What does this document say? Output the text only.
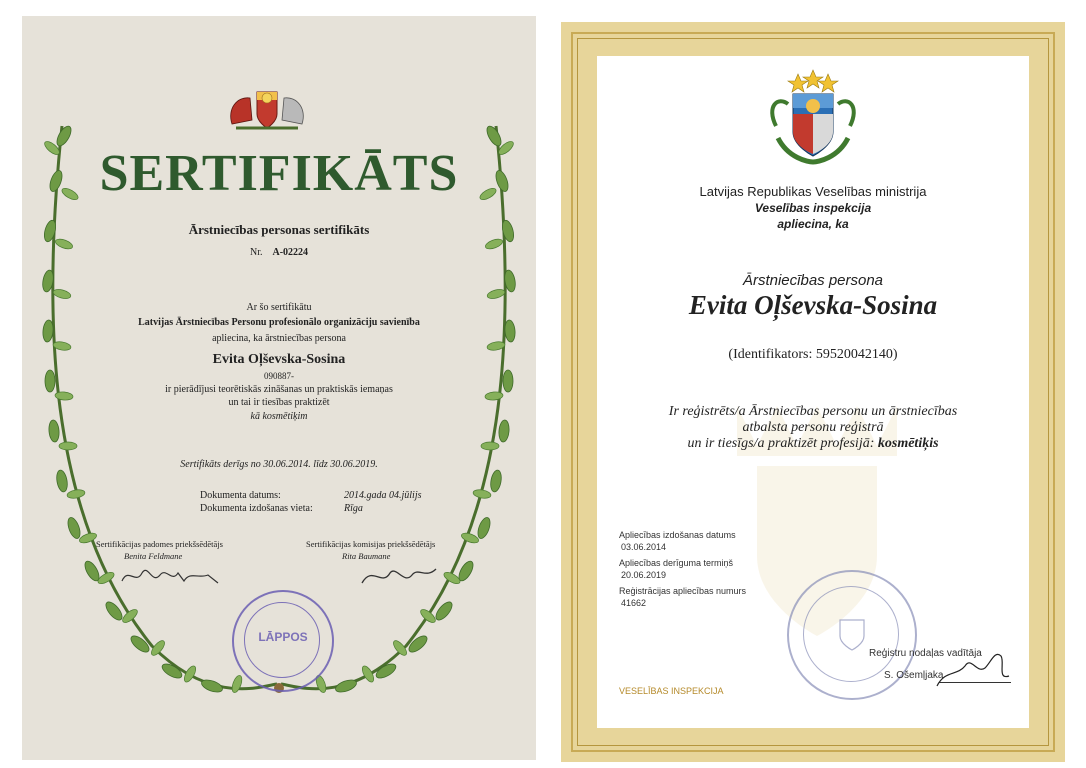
SERTIFIKĀTS
Ārstniecības personas sertifikāts
Nr. A-02224
Ar šo sertifikātu
Latvijas Ārstniecības Personu profesionālo organizāciju savienība
apliecina, ka ārstniecības persona
Evita Oļševska-Sosina
090887-
ir pierādījusi teorētiskās zināšanas un praktiskās iemaņas
un tai ir tiesības praktizēt
kā kosmētiķim
Sertifikāts derīgs no 30.06.2014. līdz 30.06.2019.
Dokumenta datums:	2014.gada 04.jūlijs
Dokumenta izdošanas vieta:	Rīga
Sertifikācijas padomes priekšsēdētājs
Benita Feldmane
Sertifikācijas komisijas priekšsēdētājs
Rita Baumane
LĀPPOS
Latvijas Republikas Veselības ministrija
Veselības inspekcija
apliecina, ka
Ārstniecības persona
Evita Oļševska-Sosina
(Identifikators: 59520042140)
Ir reģistrēts/a Ārstniecības personu un ārstniecības
atbalsta personu reģistrā
un ir tiesīgs/a praktizēt profesijā: kosmētiķis
Apliecības izdošanas datums
03.06.2014
Apliecības derīguma termiņš
20.06.2019
Reģistrācijas apliecības numurs
41662
Reģistru nodaļas vadītāja
S. Ošemļjaka
VESELĪBAS INSPEKCIJA
